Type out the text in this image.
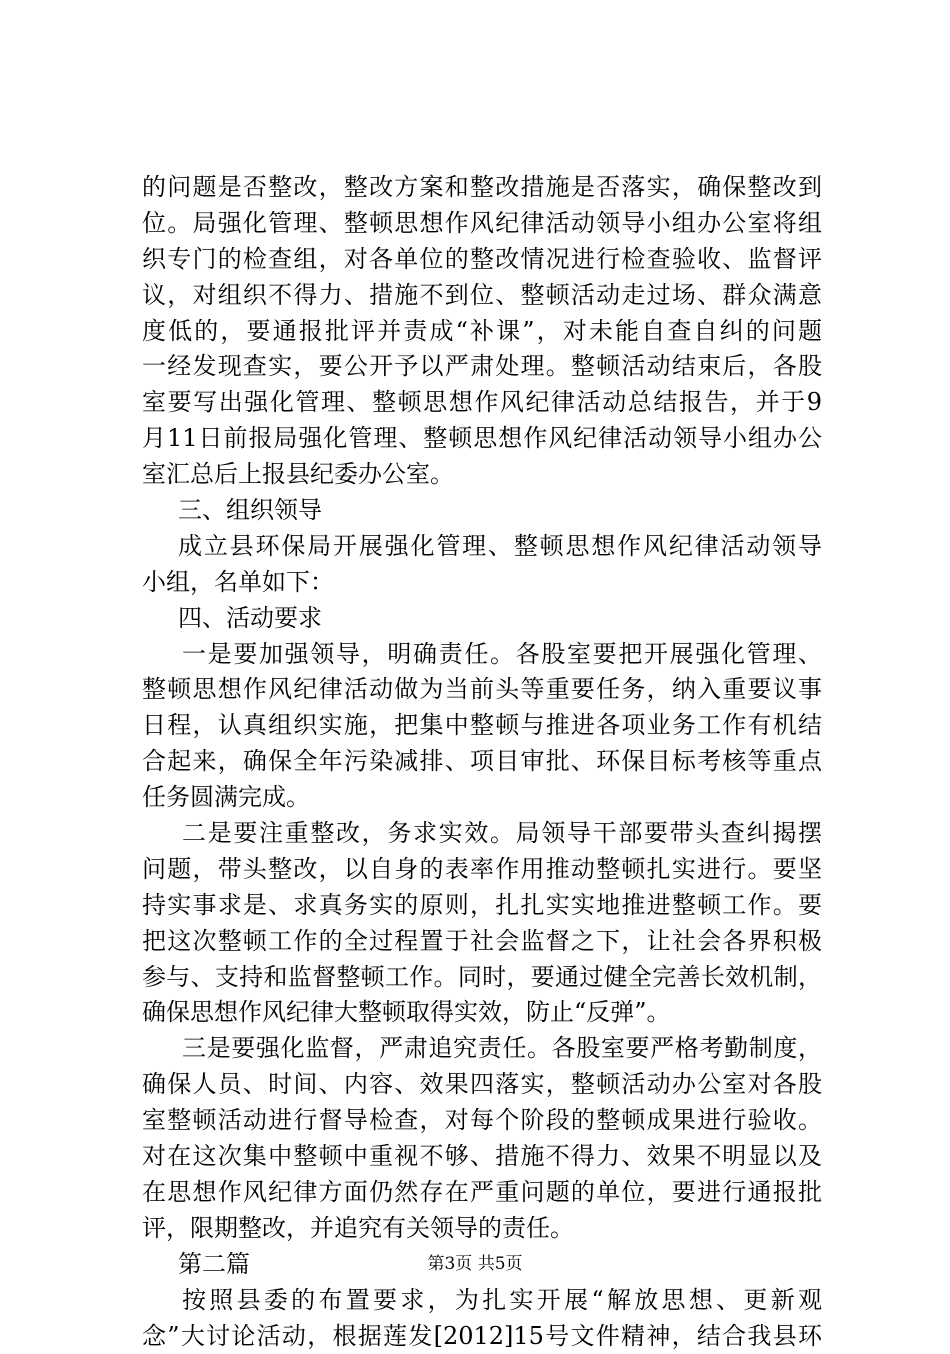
的问题是否整改，整改方案和整改措施是否落实，确保整改到
位。局强化管理、整顿思想作风纪律活动领导小组办公室将组
织专门的检查组，对各单位的整改情况进行检查验收、监督评
议，对组织不得力、措施不到位、整顿活动走过场、群众满意
度低的，要通报批评并责成“补课”，对未能自查自纠的问题
一经发现查实，要公开予以严肃处理。整顿活动结束后，各股
室要写出强化管理、整顿思想作风纪律活动总结报告，并于9
月11日前报局强化管理、整顿思想作风纪律活动领导小组办公
室汇总后上报县纪委办公室。
三、组织领导
成立县环保局开展强化管理、整顿思想作风纪律活动领导
小组，名单如下：
四、活动要求
一是要加强领导，明确责任。各股室要把开展强化管理、
整顿思想作风纪律活动做为当前头等重要任务，纳入重要议事
日程，认真组织实施，把集中整顿与推进各项业务工作有机结
合起来，确保全年污染减排、项目审批、环保目标考核等重点
任务圆满完成。
二是要注重整改，务求实效。局领导干部要带头查纠揭摆
问题，带头整改，以自身的表率作用推动整顿扎实进行。要坚
持实事求是、求真务实的原则，扎扎实实地推进整顿工作。要
把这次整顿工作的全过程置于社会监督之下，让社会各界积极
参与、支持和监督整顿工作。同时，要通过健全完善长效机制，
确保思想作风纪律大整顿取得实效，防止“反弹”。
三是要强化监督，严肃追究责任。各股室要严格考勤制度，
确保人员、时间、内容、效果四落实，整顿活动办公室对各股
室整顿活动进行督导检查，对每个阶段的整顿成果进行验收。
对在这次集中整顿中重视不够、措施不得力、效果不明显以及
在思想作风纪律方面仍然存在严重问题的单位，要进行通报批
评，限期整改，并追究有关领导的责任。
第二篇
按照县委的布置要求，为扎实开展“解放思想、更新观
念”大讨论活动，根据莲发[2012]15号文件精神，结合我县环
第3页 共5页
